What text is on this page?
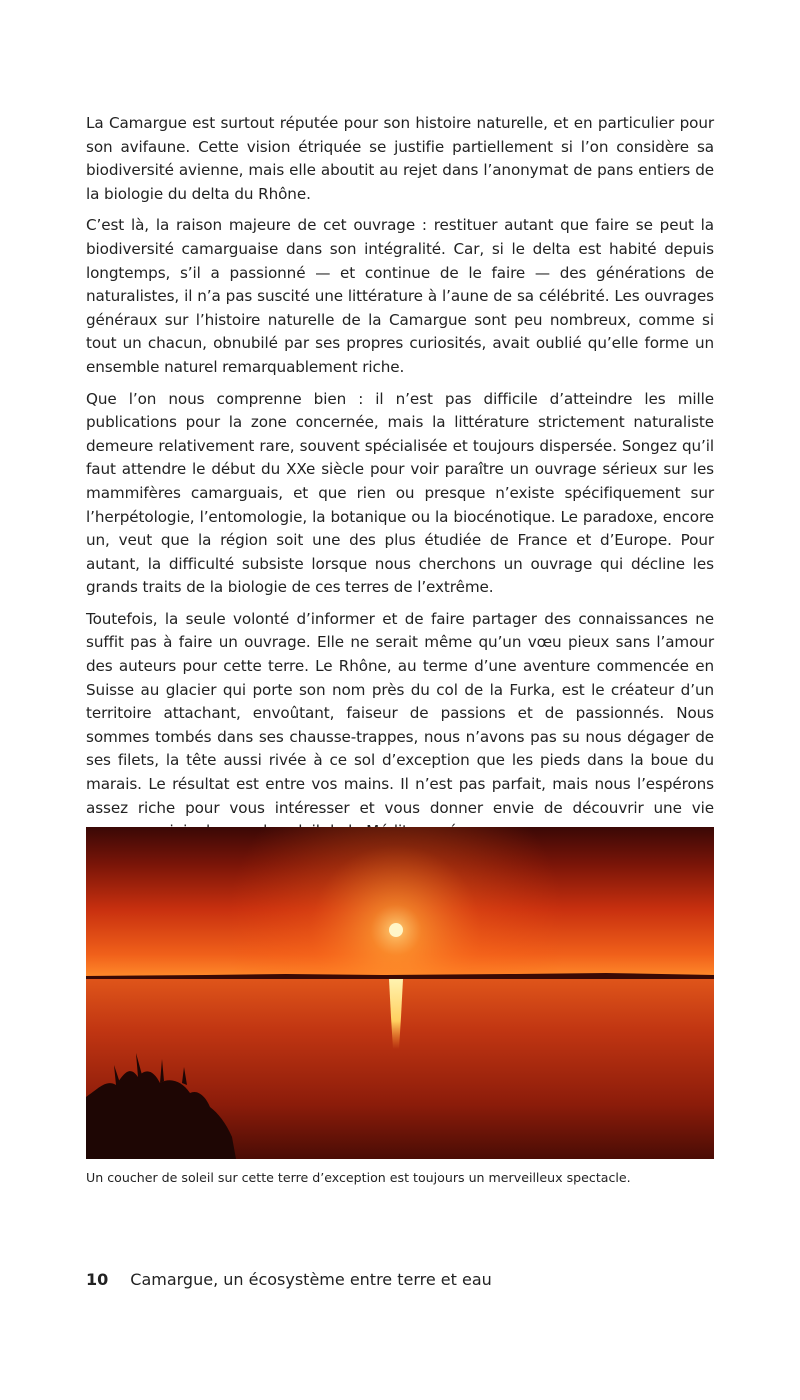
La Camargue est surtout réputée pour son histoire naturelle, et en particulier pour son avifaune. Cette vision étriquée se justifie partiellement si l’on considère sa biodiversité avienne, mais elle aboutit au rejet dans l’anonymat de pans entiers de la biologie du delta du Rhône.

C’est là, la raison majeure de cet ouvrage : restituer autant que faire se peut la biodiversité camarguaise dans son intégralité. Car, si le delta est habité depuis longtemps, s’il a passionné — et continue de le faire — des générations de naturalistes, il n’a pas suscité une littérature à l’aune de sa célébrité. Les ouvrages généraux sur l’histoire naturelle de la Camargue sont peu nombreux, comme si tout un chacun, obnubilé par ses propres curiosités, avait oublié qu’elle forme un ensemble naturel remarquablement riche.

Que l’on nous comprenne bien : il n’est pas difficile d’atteindre les mille publications pour la zone concernée, mais la littérature strictement naturaliste demeure relativement rare, souvent spécialisée et toujours dispersée. Songez qu’il faut attendre le début du XXe siècle pour voir paraître un ouvrage sérieux sur les mammifères camarguais, et que rien ou presque n’existe spécifiquement sur l’herpétologie, l’entomologie, la botanique ou la biocénotique. Le paradoxe, encore un, veut que la région soit une des plus étudiée de France et d’Europe. Pour autant, la difficulté subsiste lorsque nous cherchons un ouvrage qui décline les grands traits de la biologie de ces terres de l’extrême.

Toutefois, la seule volonté d’informer et de faire partager des connaissances ne suffit pas à faire un ouvrage. Elle ne serait même qu’un vœu pieux sans l’amour des auteurs pour cette terre. Le Rhône, au terme d’une aventure commencée en Suisse au glacier qui porte son nom près du col de la Furka, est le créateur d’un territoire attachant, envoûtant, faiseur de passions et de passionnés. Nous sommes tombés dans ses chausse-trappes, nous n’avons pas su nous dégager de ses filets, la tête aussi rivée à ce sol d’exception que les pieds dans la boue du marais. Le résultat est entre vos mains. Il n’est pas parfait, mais nous l’espérons assez riche pour vous intéresser et vous donner envie de découvrir une vie

Un coucher de soleil sur cette terre d’exception est toujours un merveilleux spectacle.
10 Camargue, un écosystème entre terre et eau
